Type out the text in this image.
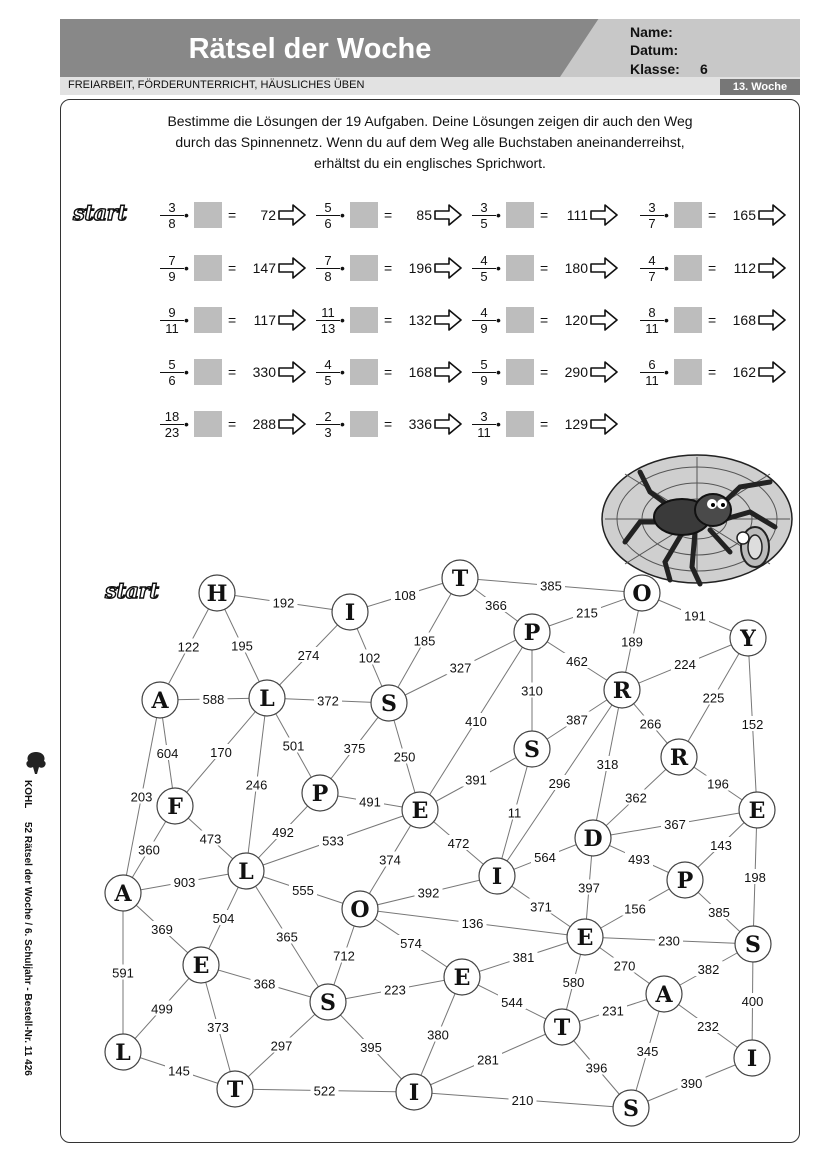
Rätsel der Woche
Name:
Datum:
Klasse: 6
FREIARBEIT, FÖRDERUNTERRICHT, HÄUSLICHES ÜBEN	13. Woche
Bestimme die Lösungen der 19 Aufgaben. Deine Lösungen zeigen dir auch den Weg
durch das Spinnennetz. Wenn du auf dem Weg alle Buchstaben aneinanderreihst,
erhältst du ein englisches Sprichwort.
start	$\frac{3}{8}$ •	=	72	$\frac{5}{6}$ •	=	85	$\frac{3}{5}$ •	=	111	$\frac{3}{7}$ •	=	165
$\frac{7}{9}$ •	=	147	$\frac{7}{8}$ •	=	196	$\frac{4}{5}$ •	=	180	$\frac{4}{7}$ •	=	112
$\frac{9}{11}$ •	=	117	$\frac{11}{13}$ •	=	132	$\frac{4}{9}$ •	=	120	$\frac{8}{11}$ •	=	168
$\frac{5}{6}$ •	=	330	$\frac{4}{5}$ •	=	168	$\frac{5}{9}$ •	=	290	$\frac{6}{11}$ •	=	162
$\frac{18}{23}$ •	=	288	$\frac{2}{3}$ •	=	336	$\frac{3}{11}$ •	=	129
start	192	108
385
366	215	191
189
122 195
274	102
185
327	462
310
224
225
152
588	372
604 170	375
250
410	387	266
501
491
391	296
318
362
196
203
246
360
473	492
533
374
472
11
367
564	493
143
903
555	392
371
397
156
198
385
369
504
365
136
230
591
712
574
381
270	382
368	223	580
544
231
400
499
373
297	395
380
281
396
345
232
145
522
210
390
H
I
T
O
P	Y
A	L	S	R
S	R
F	P
E	E
D
A
L	I	P
O
E
S
E
E
S
A
T
L
T	I
S
I
KOHL
52 Rätsel der Woche / 6. Schuljahr - Bestell-Nr. 11 426
